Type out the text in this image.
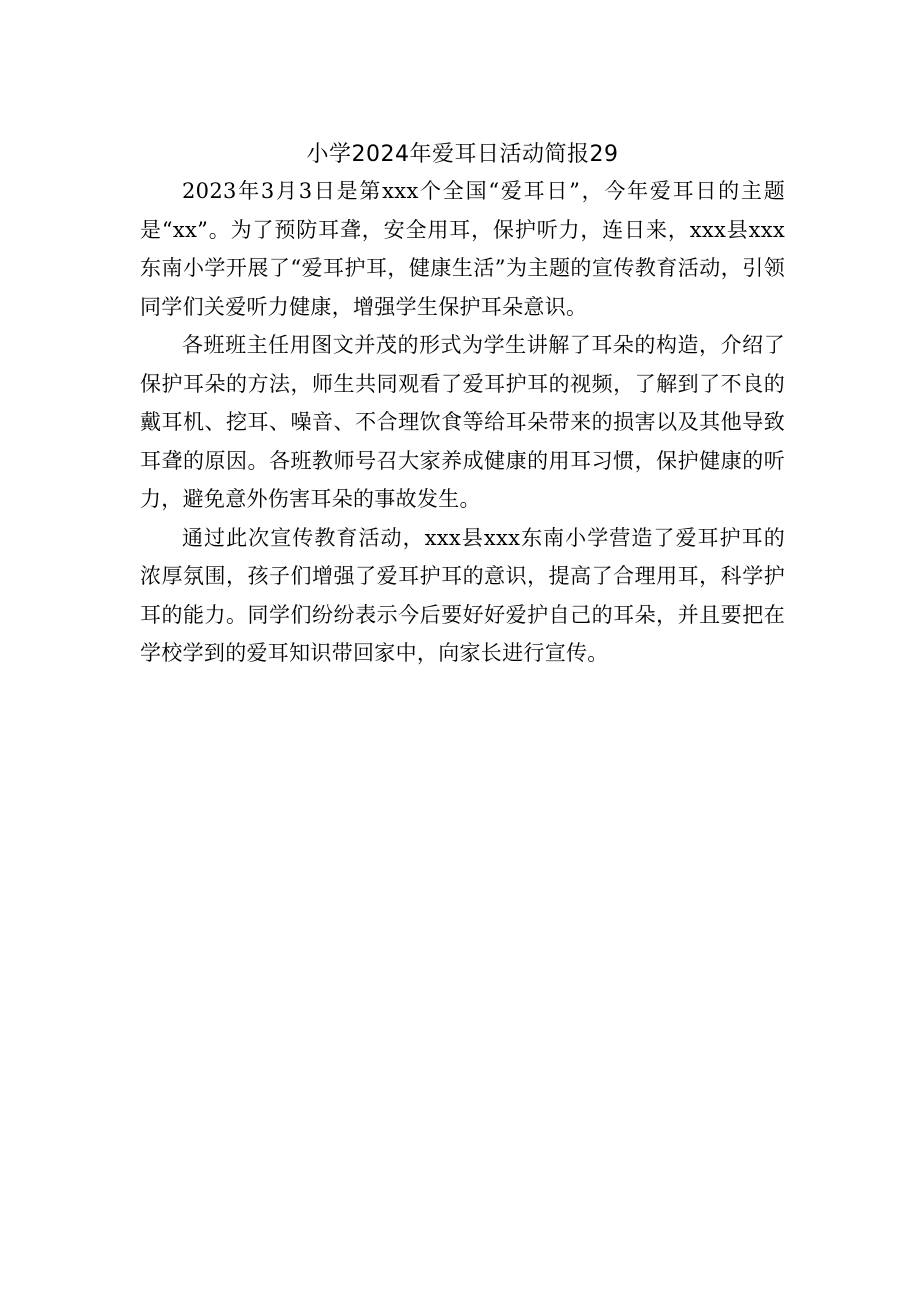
小学2024年爱耳日活动简报29

2023年3月3日是第xxx个全国“爱耳日”，今年爱耳日的主题是“xx”。为了预防耳聋，安全用耳，保护听力，连日来，xxx县xxx东南小学开展了“爱耳护耳，健康生活”为主题的宣传教育活动，引领同学们关爱听力健康，增强学生保护耳朵意识。

各班班主任用图文并茂的形式为学生讲解了耳朵的构造，介绍了保护耳朵的方法，师生共同观看了爱耳护耳的视频，了解到了不良的戴耳机、挖耳、噪音、不合理饮食等给耳朵带来的损害以及其他导致耳聋的原因。各班教师号召大家养成健康的用耳习惯，保护健康的听力，避免意外伤害耳朵的事故发生。

通过此次宣传教育活动，xxx县xxx东南小学营造了爱耳护耳的浓厚氛围，孩子们增强了爱耳护耳的意识，提高了合理用耳，科学护耳的能力。同学们纷纷表示今后要好好爱护自己的耳朵，并且要把在学校学到的爱耳知识带回家中，向家长进行宣传。
